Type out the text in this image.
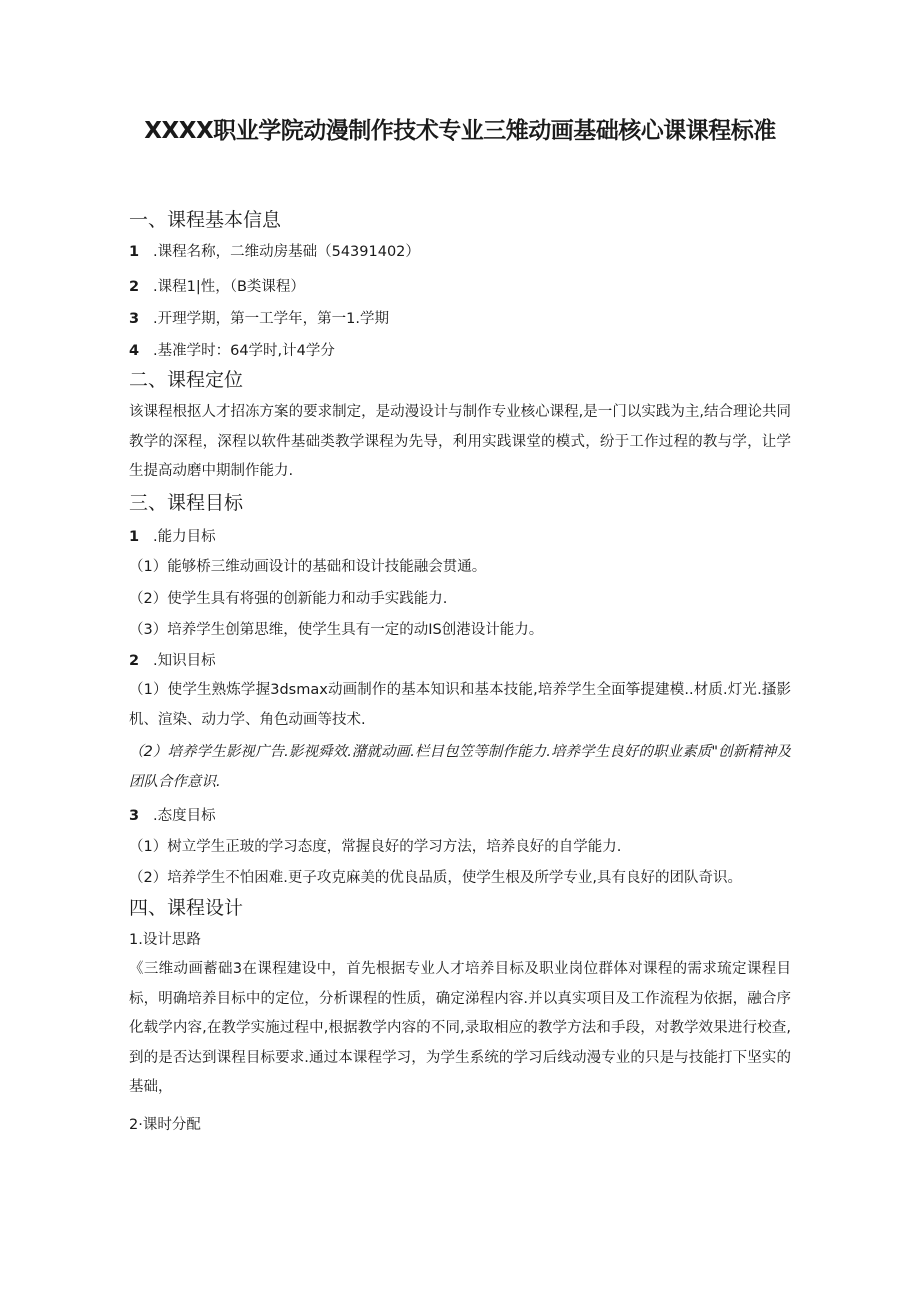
XXXX职业学院动漫制作技术专业三雉动画基础核心课课程标准
一、课程基本信息
1 .课程名称，二维动房基础（54391402）
2 .课程1|性，（B类课程）
3 .开理学期，第一工学年，第一1.学期
4 .基准学时：64学时,计4学分
二、课程定位
该课程根抠人才招冻方案的要求制定，是动漫设计与制作专业核心课程,是一门以实践为主,结合理论共同教学的深程，深程以软件基础类教学课程为先导，利用实践课堂的模式，纷于工作过程的教与学，让学生提高动磨中期制作能力.
三、课程目标
1 .能力目标
（1）能够桥三维动画设计的基础和设计技能融会贯通。
（2）使学生具有将强的创新能力和动手实践能力.
（3）培养学生创第思维，使学生具有一定的动IS创港设计能力。
2 .知识目标
（1）使学生熟炼学握3dsmax动画制作的基本知识和基本技能,培养学生全面筝提建模..材质.灯光.搔影机、渲染、动力学、角色动画等技术.
（2）培养学生影视广告.影视舜效.潴就动画.栏目包笠等制作能力.培养学生良好的职业素质"创新精神及团队合作意识.
3 .态度目标
（1）树立学生正玻的学习态度，常握良好的学习方法，培养良好的自学能力.
（2）培养学生不怕困难.更子攻克麻美的优良品质，使学生根及所学专业,具有良好的团队奇识。
四、课程设计
1.设计思路
《三维动画蓄础3在课程建设中，首先根据专业人才培养目标及职业岗位群体对课程的需求琉定课程目标，明确培养目标中的定位，分析课程的性质，确定涕程内容.并以真实项目及工作流程为依据，融合序化载学内容,在教学实施过程中,根据教学内容的不同,录取相应的教学方法和手段，对教学效果进行校查,到的是否达到课程目标要求.通过本课程学习，为学生系统的学习后线动漫专业的只是与技能打下坚实的基础，
2·课时分配
